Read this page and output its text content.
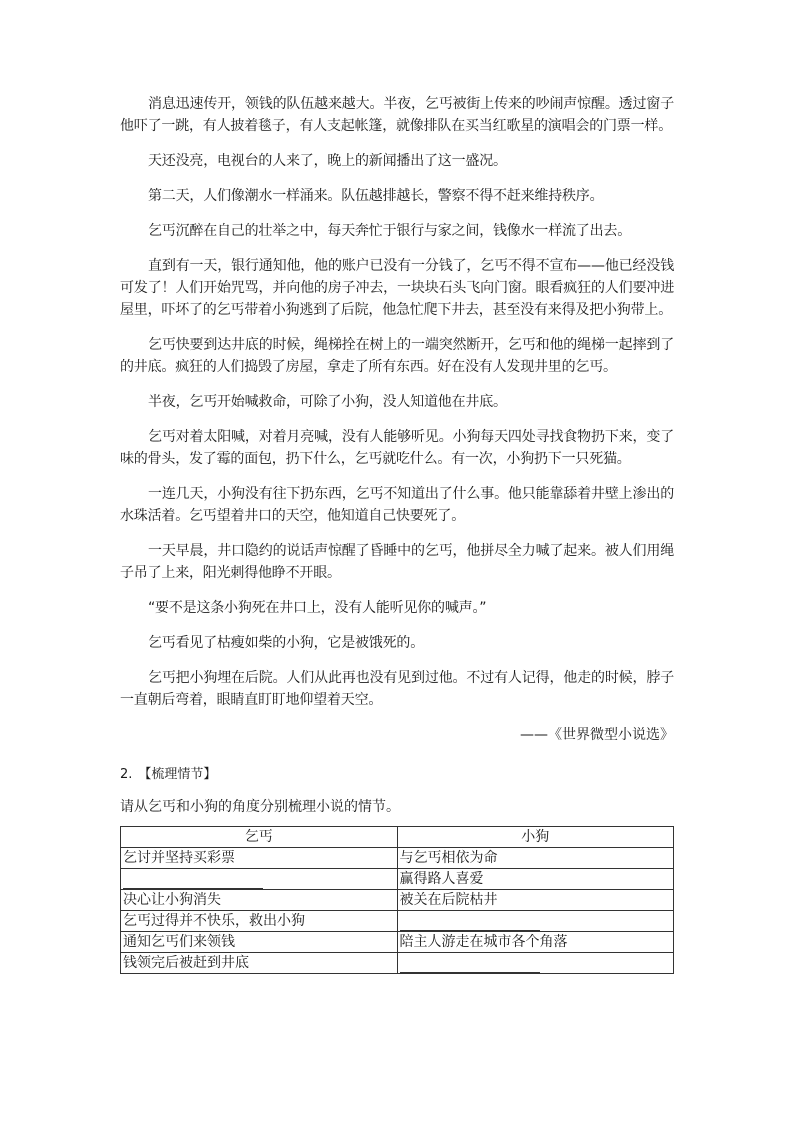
消息迅速传开，领钱的队伍越来越大。半夜，乞丐被街上传来的吵闹声惊醒。透过窗子他吓了一跳，有人披着毯子，有人支起帐篷，就像排队在买当红歌星的演唱会的门票一样。

天还没亮，电视台的人来了，晚上的新闻播出了这一盛况。

第二天，人们像潮水一样涌来。队伍越排越长，警察不得不赶来维持秩序。

乞丐沉醉在自己的壮举之中，每天奔忙于银行与家之间，钱像水一样流了出去。

直到有一天，银行通知他，他的账户已没有一分钱了，乞丐不得不宣布——他已经没钱可发了！人们开始咒骂，并向他的房子冲去，一块块石头飞向门窗。眼看疯狂的人们要冲进屋里，吓坏了的乞丐带着小狗逃到了后院，他急忙爬下井去，甚至没有来得及把小狗带上。

乞丐快要到达井底的时候，绳梯拴在树上的一端突然断开，乞丐和他的绳梯一起摔到了的井底。疯狂的人们捣毁了房屋，拿走了所有东西。好在没有人发现井里的乞丐。

半夜，乞丐开始喊救命，可除了小狗，没人知道他在井底。

乞丐对着太阳喊，对着月亮喊，没有人能够听见。小狗每天四处寻找食物扔下来，变了味的骨头，发了霉的面包，扔下什么，乞丐就吃什么。有一次，小狗扔下一只死猫。

一连几天，小狗没有往下扔东西，乞丐不知道出了什么事。他只能靠舔着井壁上渗出的水珠活着。乞丐望着井口的天空，他知道自己快要死了。

一天早晨，井口隐约的说话声惊醒了昏睡中的乞丐，他拼尽全力喊了起来。被人们用绳子吊了上来，阳光刺得他睁不开眼。

“要不是这条小狗死在井口上，没有人能听见你的喊声。”

乞丐看见了枯瘦如柴的小狗，它是被饿死的。

乞丐把小狗埋在后院。人们从此再也没有见到过他。不过有人记得，他走的时候，脖子一直朝后弯着，眼睛直盯盯地仰望着天空。

——《世界微型小说选》
2. 【梳理情节】
请从乞丐和小狗的角度分别梳理小说的情节。
乞丐	小狗
乞讨并坚持买彩票	与乞丐相依为命
	赢得路人喜爱
决心让小狗消失	被关在后院枯井
乞丐过得并不快乐，救出小狗	
通知乞丐们来领钱	陪主人游走在城市各个角落
钱领完后被赶到井底	
